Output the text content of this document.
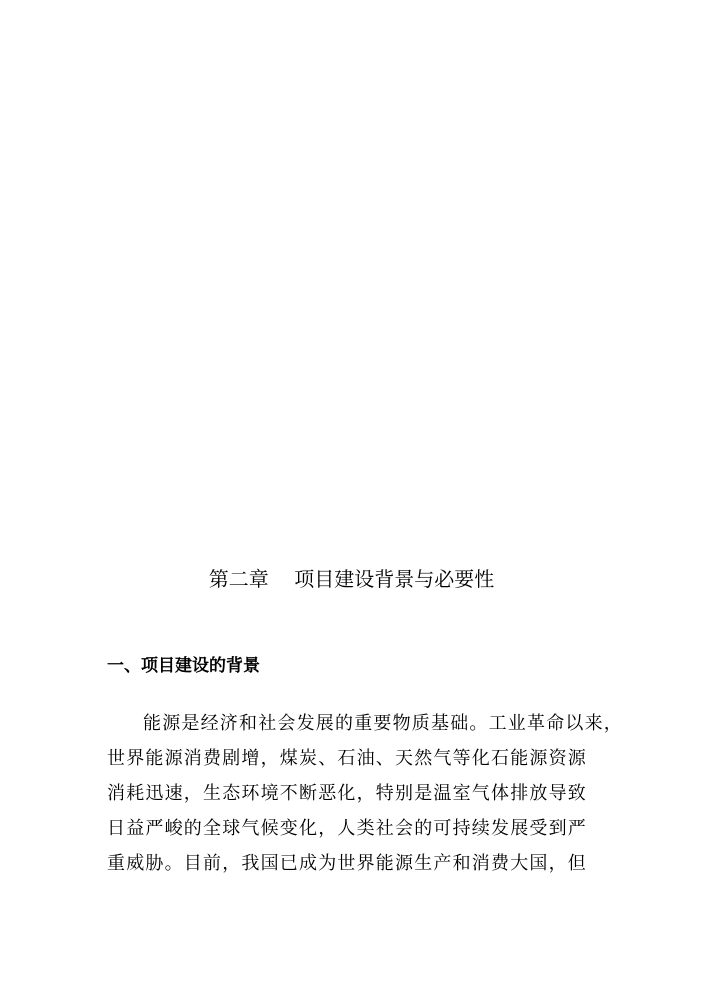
第二章    项目建设背景与必要性
一、项目建设的背景
能源是经济和社会发展的重要物质基础。工业革命以来，
世界能源消费剧增，煤炭、石油、天然气等化石能源资源
消耗迅速，生态环境不断恶化，特别是温室气体排放导致
日益严峻的全球气候变化，人类社会的可持续发展受到严
重威胁。目前，我国已成为世界能源生产和消费大国，但
